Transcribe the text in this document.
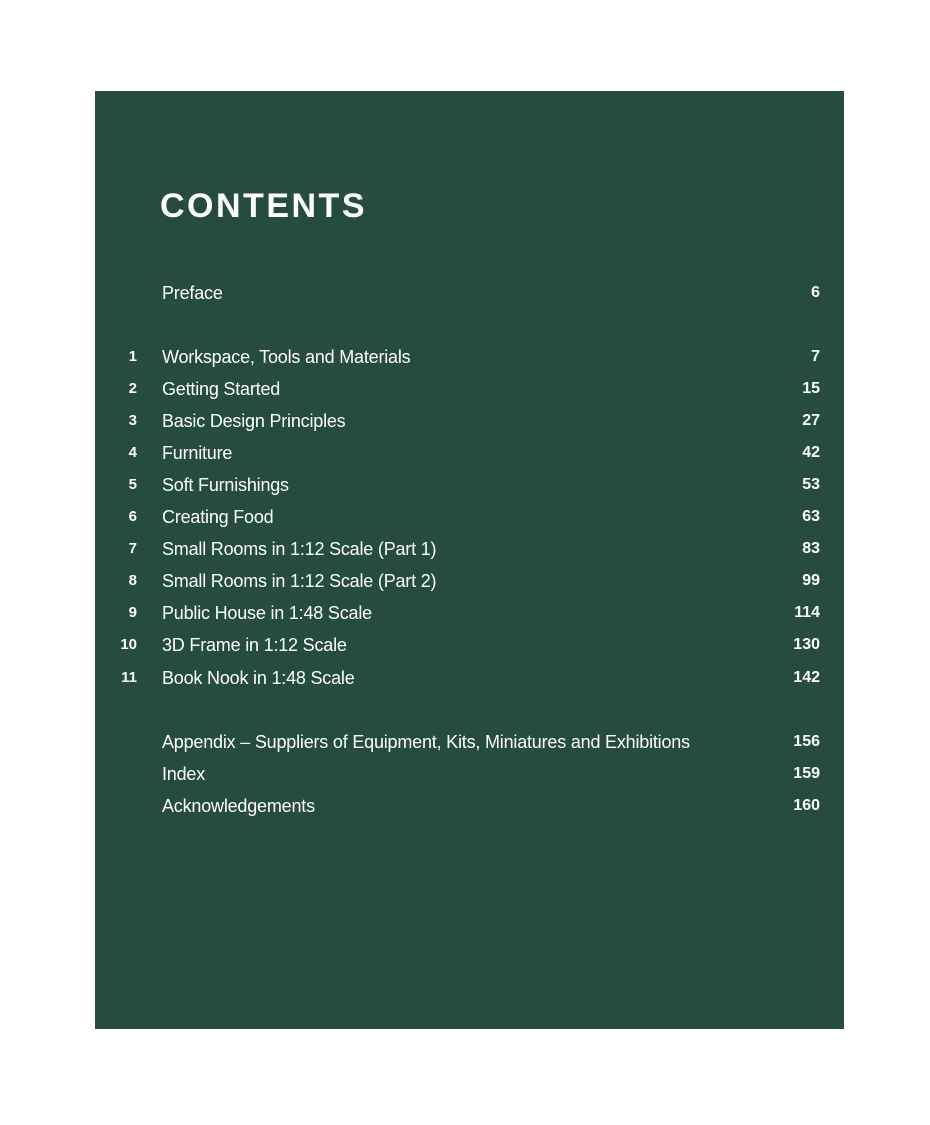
CONTENTS
Preface	6
1 Workspace, Tools and Materials	7
2 Getting Started	15
3 Basic Design Principles	27
4 Furniture	42
5 Soft Furnishings	53
6 Creating Food	63
7 Small Rooms in 1:12 Scale (Part 1)	83
8 Small Rooms in 1:12 Scale (Part 2)	99
9 Public House in 1:48 Scale	114
10 3D Frame in 1:12 Scale	130
11 Book Nook in 1:48 Scale	142
Appendix – Suppliers of Equipment, Kits, Miniatures and Exhibitions	156
Index	159
Acknowledgements	160
